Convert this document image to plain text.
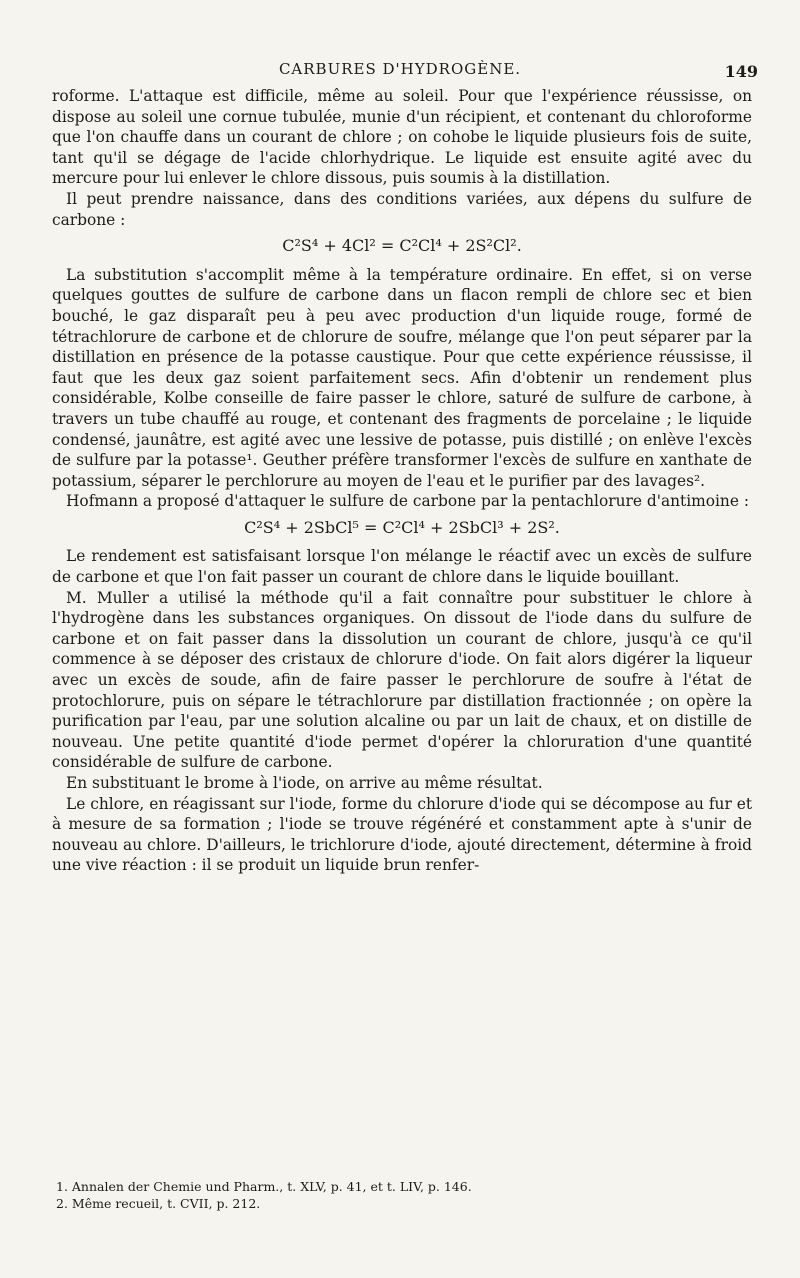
CARBURES D'HYDROGÈNE.	149

roforme. L'attaque est difficile, même au soleil. Pour que l'expérience réussisse, on dispose au soleil une cornue tubulée, munie d'un récipient, et contenant du chloroforme que l'on chauffe dans un courant de chlore ; on cohobe le liquide plusieurs fois de suite, tant qu'il se dégage de l'acide chlorhydrique. Le liquide est ensuite agité avec du mercure pour lui enlever le chlore dissous, puis soumis à la distillation.

Il peut prendre naissance, dans des conditions variées, aux dépens du sulfure de carbone :

C²S⁴ + 4Cl² = C²Cl⁴ + 2S²Cl².

La substitution s'accomplit même à la température ordinaire. En effet, si on verse quelques gouttes de sulfure de carbone dans un flacon rempli de chlore sec et bien bouché, le gaz disparaît peu à peu avec production d'un liquide rouge, formé de tétrachlorure de carbone et de chlorure de soufre, mélange que l'on peut séparer par la distillation en présence de la potasse caustique. Pour que cette expérience réussisse, il faut que les deux gaz soient parfaitement secs. Afin d'obtenir un rendement plus considérable, Kolbe conseille de faire passer le chlore, saturé de sulfure de carbone, à travers un tube chauffé au rouge, et contenant des fragments de porcelaine ; le liquide condensé, jaunâtre, est agité avec une lessive de potasse, puis distillé ; on enlève l'excès de sulfure par la potasse¹. Geuther préfère transformer l'excès de sulfure en xanthate de potassium, séparer le perchlorure au moyen de l'eau et le purifier par des lavages².

Hofmann a proposé d'attaquer le sulfure de carbone par la pentachlorure d'antimoine :

C²S⁴ + 2SbCl⁵ = C²Cl⁴ + 2SbCl³ + 2S².

Le rendement est satisfaisant lorsque l'on mélange le réactif avec un excès de sulfure de carbone et que l'on fait passer un courant de chlore dans le liquide bouillant.

M. Muller a utilisé la méthode qu'il a fait connaître pour substituer le chlore à l'hydrogène dans les substances organiques. On dissout de l'iode dans du sulfure de carbone et on fait passer dans la dissolution un courant de chlore, jusqu'à ce qu'il commence à se déposer des cristaux de chlorure d'iode. On fait alors digérer la liqueur avec un excès de soude, afin de faire passer le perchlorure de soufre à l'état de protochlorure, puis on sépare le tétrachlorure par distillation fractionnée ; on opère la purification par l'eau, par une solution alcaline ou par un lait de chaux, et on distille de nouveau. Une petite quantité d'iode permet d'opérer la chloruration d'une quantité considérable de sulfure de carbone.

En substituant le brome à l'iode, on arrive au même résultat.

Le chlore, en réagissant sur l'iode, forme du chlorure d'iode qui se décompose au fur et à mesure de sa formation ; l'iode se trouve régénéré et constamment apte à s'unir de nouveau au chlore. D'ailleurs, le trichlorure d'iode, ajouté directement, détermine à froid une vive réaction : il se produit un liquide brun renfer-

1. Annalen der Chemie und Pharm., t. XLV, p. 41, et t. LIV, p. 146.
2. Même recueil, t. CVII, p. 212.
